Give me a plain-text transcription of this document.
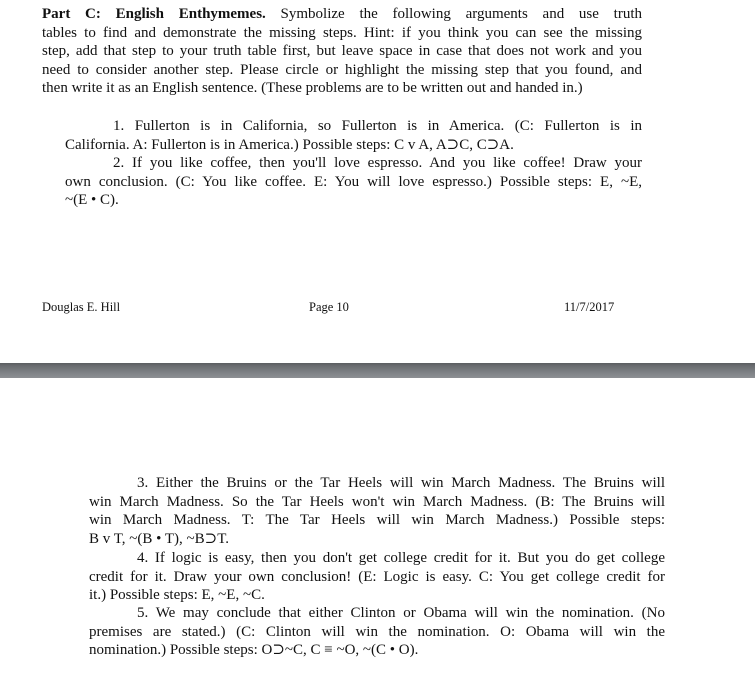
Part C: English Enthymemes. Symbolize the following arguments and use truth
tables to find and demonstrate the missing steps. Hint: if you think you can see the missing
step, add that step to your truth table first, but leave space in case that does not work and you
need to consider another step. Please circle or highlight the missing step that you found, and
then write it as an English sentence. (These problems are to be written out and handed in.)
1. Fullerton is in California, so Fullerton is in America. (C: Fullerton is in
California. A: Fullerton is in America.) Possible steps: C v A, A⊃C, C⊃A.
2. If you like coffee, then you'll love espresso. And you like coffee! Draw your
own conclusion. (C: You like coffee. E: You will love espresso.) Possible steps: E, ~E,
~(E • C).
Douglas E. Hill	Page 10	11/7/2017
3. Either the Bruins or the Tar Heels will win March Madness. The Bruins will
win March Madness. So the Tar Heels won't win March Madness. (B: The Bruins will
win March Madness. T: The Tar Heels will win March Madness.) Possible steps:
B v T, ~(B • T), ~B⊃T.
4. If logic is easy, then you don't get college credit for it. But you do get college
credit for it. Draw your own conclusion! (E: Logic is easy. C: You get college credit for
it.) Possible steps: E, ~E, ~C.
5. We may conclude that either Clinton or Obama will win the nomination. (No
premises are stated.) (C: Clinton will win the nomination. O: Obama will win the
nomination.) Possible steps: O⊃~C, C ≡ ~O, ~(C • O).
